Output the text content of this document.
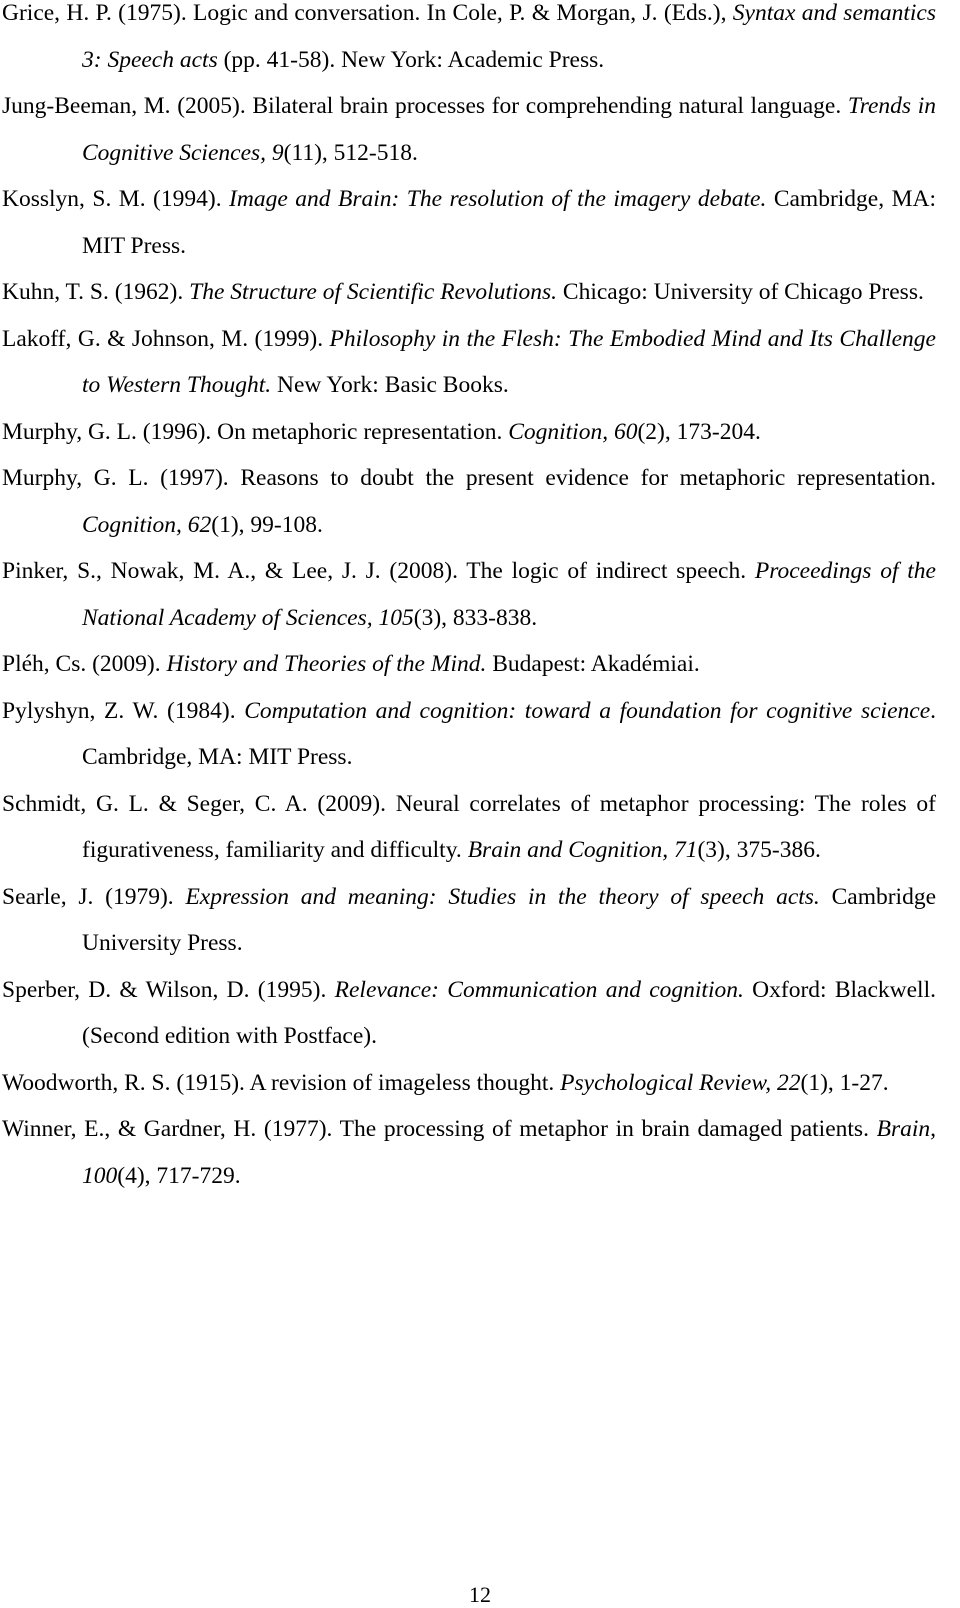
Grice, H. P. (1975). Logic and conversation. In Cole, P. & Morgan, J. (Eds.), Syntax and semantics 3: Speech acts (pp. 41-58). New York: Academic Press.
Jung-Beeman, M. (2005). Bilateral brain processes for comprehending natural language. Trends in Cognitive Sciences, 9(11), 512-518.
Kosslyn, S. M. (1994). Image and Brain: The resolution of the imagery debate. Cambridge, MA: MIT Press.
Kuhn, T. S. (1962). The Structure of Scientific Revolutions. Chicago: University of Chicago Press.
Lakoff, G. & Johnson, M. (1999). Philosophy in the Flesh: The Embodied Mind and Its Challenge to Western Thought. New York: Basic Books.
Murphy, G. L. (1996). On metaphoric representation. Cognition, 60(2), 173-204.
Murphy, G. L. (1997). Reasons to doubt the present evidence for metaphoric representation. Cognition, 62(1), 99-108.
Pinker, S., Nowak, M. A., & Lee, J. J. (2008). The logic of indirect speech. Proceedings of the National Academy of Sciences, 105(3), 833-838.
Pléh, Cs. (2009). History and Theories of the Mind. Budapest: Akadémiai.
Pylyshyn, Z. W. (1984). Computation and cognition: toward a foundation for cognitive science. Cambridge, MA: MIT Press.
Schmidt, G. L. & Seger, C. A. (2009). Neural correlates of metaphor processing: The roles of figurativeness, familiarity and difficulty. Brain and Cognition, 71(3), 375-386.
Searle, J. (1979). Expression and meaning: Studies in the theory of speech acts. Cambridge University Press.
Sperber, D. & Wilson, D. (1995). Relevance: Communication and cognition. Oxford: Blackwell. (Second edition with Postface).
Woodworth, R. S. (1915). A revision of imageless thought. Psychological Review, 22(1), 1-27.
Winner, E., & Gardner, H. (1977). The processing of metaphor in brain damaged patients. Brain, 100(4), 717-729.
12
